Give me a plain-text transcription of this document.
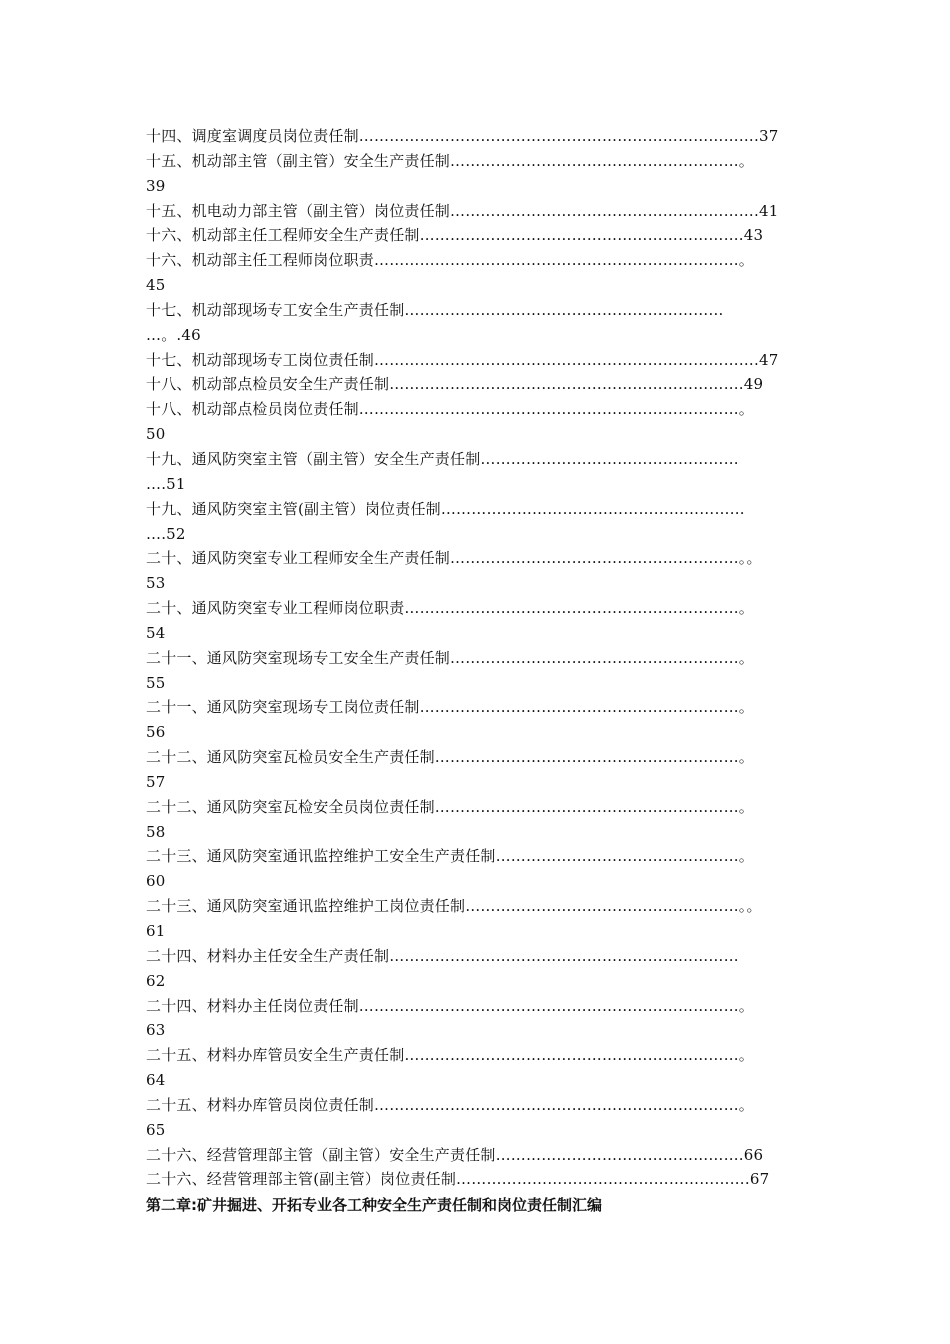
十四、调度室调度员岗位责任制…………………………………………………………………….37
十五、机动部主管（副主管）安全生产责任制…………………………………………………。
39
十五、机电动力部主管（副主管）岗位责任制…………………………………………………….41
十六、机动部主任工程师安全生产责任制……………………………………………………….43
十六、机动部主任工程师岗位职责………………………………………………………………。
45
十七、机动部现场专工安全生产责任制………………………………………………………
…。.46
十七、机动部现场专工岗位责任制………………………………………………………………….47
十八、机动部点检员安全生产责任制…………………………………………………………….49
十八、机动部点检员岗位责任制…………………………………………………………………。
50
十九、通风防突室主管（副主管）安全生产责任制……………………………………………
….51
十九、通风防突室主管(副主管）岗位责任制……………………………………………………
….52
二十、通风防突室专业工程师安全生产责任制…………………………………………………。。
53
二十、通风防突室专业工程师岗位职责…………………………………………………………。
54
二十一、通风防突室现场专工安全生产责任制…………………………………………………。
55
二十一、通风防突室现场专工岗位责任制………………………………………………………。
56
二十二、通风防突室瓦检员安全生产责任制……………………………………………………。
57
二十二、通风防突室瓦检安全员岗位责任制……………………………………………………。
58
二十三、通风防突室通讯监控维护工安全生产责任制…………………………………………。
60
二十三、通风防突室通讯监控维护工岗位责任制………………………………………………。。
61
二十四、材料办主任安全生产责任制……………………………………………………………
62
二十四、材料办主任岗位责任制…………………………………………………………………。
63
二十五、材料办库管员安全生产责任制…………………………………………………………。
64
二十五、材料办库管员岗位责任制………………………………………………………………。
65
二十六、经营管理部主管（副主管）安全生产责任制………………………………………….66
二十六、经营管理部主管(副主管）岗位责任制………………………………………………….67
第二章:矿井掘进、开拓专业各工种安全生产责任制和岗位责任制汇编
